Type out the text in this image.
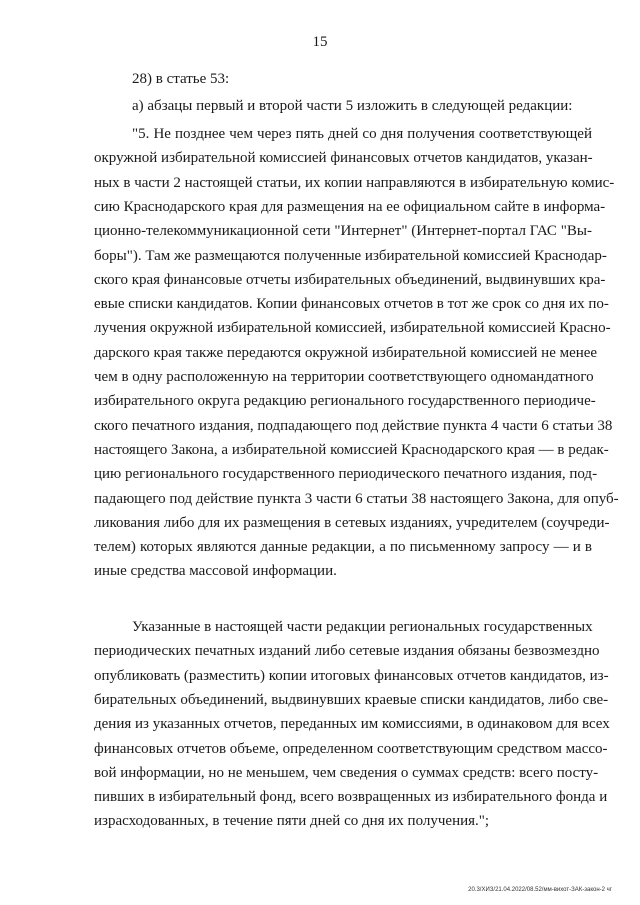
15
28) в статье 53:
а) абзацы первый и второй части 5 изложить в следующей редакции:
"5. Не позднее чем через пять дней со дня получения соответствующей
окружной избирательной комиссией финансовых отчетов кандидатов, указан-
ных в части 2 настоящей статьи, их копии направляются в избирательную комис-
сию Краснодарского края для размещения на ее официальном сайте в информа-
ционно-телекоммуникационной сети "Интернет" (Интернет-портал ГАС "Вы-
боры"). Там же размещаются полученные избирательной комиссией Краснодар-
ского края финансовые отчеты избирательных объединений, выдвинувших кра-
евые списки кандидатов. Копии финансовых отчетов в тот же срок со дня их по-
лучения окружной избирательной комиссией, избирательной комиссией Красно-
дарского края также передаются окружной избирательной комиссией не менее
чем в одну расположенную на территории соответствующего одномандатного
избирательного округа редакцию регионального государственного периодиче-
ского печатного издания, подпадающего под действие пункта 4 части 6 статьи 38
настоящего Закона, а избирательной комиссией Краснодарского края — в редак-
цию регионального государственного периодического печатного издания, под-
падающего под действие пункта 3 части 6 статьи 38 настоящего Закона, для опуб-
ликования либо для их размещения в сетевых изданиях, учредителем (соучреди-
телем) которых являются данные редакции, а по письменному запросу — и в
иные средства массовой информации.
Указанные в настоящей части редакции региональных государственных
периодических печатных изданий либо сетевые издания обязаны безвозмездно
опубликовать (разместить) копии итоговых финансовых отчетов кандидатов, из-
бирательных объединений, выдвинувших краевые списки кандидатов, либо све-
дения из указанных отчетов, переданных им комиссиями, в одинаковом для всех
финансовых отчетов объеме, определенном соответствующим средством массо-
вой информации, но не меньшем, чем сведения о суммах средств: всего посту-
пивших в избирательный фонд, всего возвращенных из избирательного фонда и
израсходованных, в течение пяти дней со дня их получения.";
20.3/ХИЗ/21.04.2022/08.52/мм-вихот-ЗАК-закон-2 чг
